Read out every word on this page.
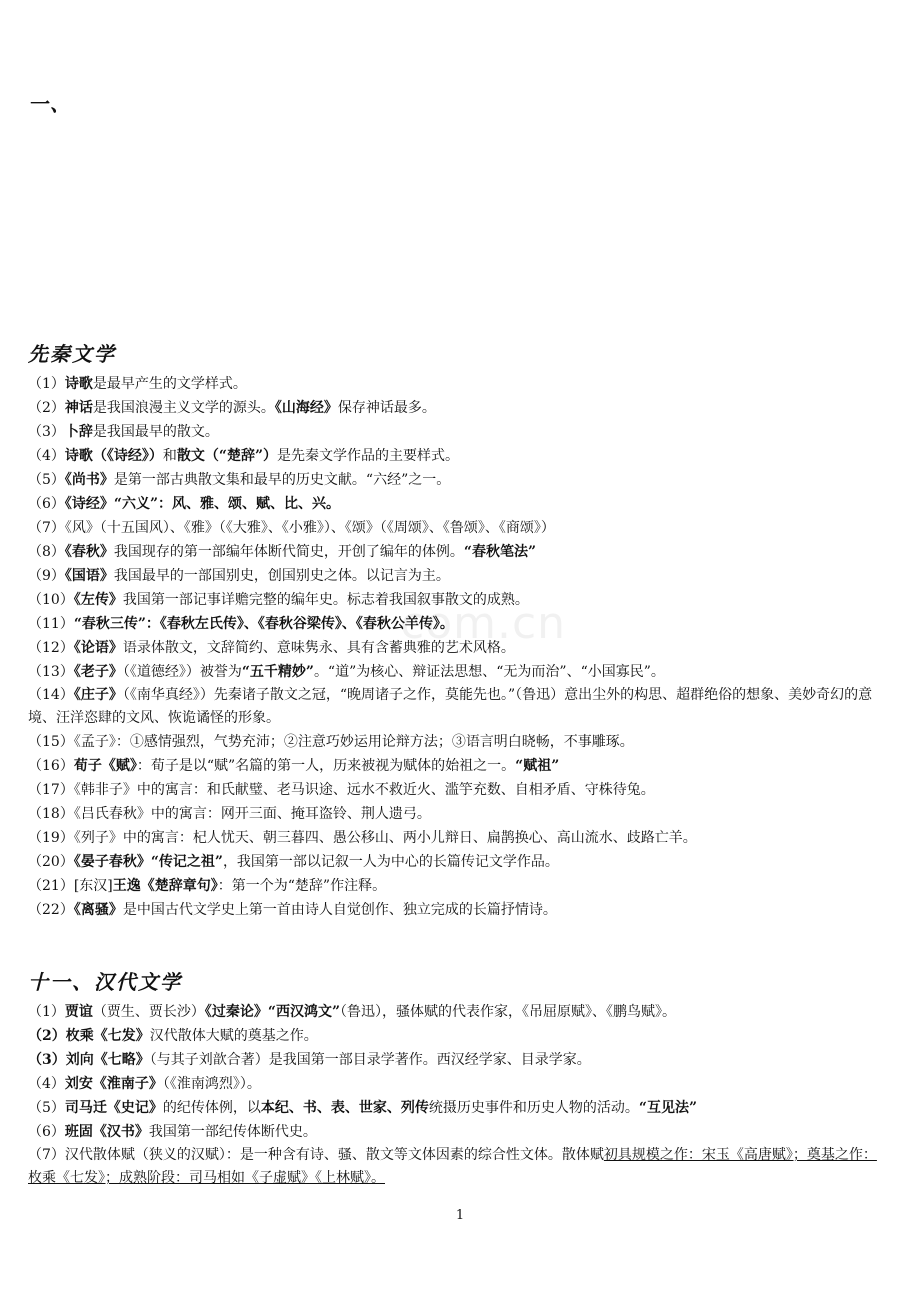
一、
先秦文学
（1）诗歌是最早产生的文学样式。
（2）神话是我国浪漫主义文学的源头。《山海经》保存神话最多。
（3）卜辞是我国最早的散文。
（4）诗歌（《诗经》）和散文（“楚辞”）是先秦文学作品的主要样式。
（5）《尚书》是第一部古典散文集和最早的历史文献。“六经”之一。
（6）《诗经》“六义”：风、雅、颂、赋、比、兴。
（7）《风》（十五国风）、《雅》（《大雅》、《小雅》）、《颂》（《周颂》、《鲁颂》、《商颂》）
（8）《春秋》我国现存的第一部编年体断代简史，开创了编年的体例。“春秋笔法”
（9）《国语》我国最早的一部国别史，创国别史之体。以记言为主。
（10）《左传》我国第一部记事详赡完整的编年史。标志着我国叙事散文的成熟。
（11）“春秋三传”：《春秋左氏传》、《春秋谷梁传》、《春秋公羊传》。
（12）《论语》语录体散文，文辞简约、意味隽永、具有含蓄典雅的艺术风格。
（13）《老子》（《道德经》）被誉为“五千精妙”。“道”为核心、辩证法思想、“无为而治”、“小国寡民”。
（14）《庄子》（《南华真经》）先秦诸子散文之冠，“晚周诸子之作，莫能先也。”（鲁迅）意出尘外的构思、超群绝俗的想象、美妙奇幻的意境、汪洋恣肆的文风、恢诡谲怪的形象。
（15）《孟子》：①感情强烈，气势充沛；②注意巧妙运用论辩方法；③语言明白晓畅，不事雕琢。
（16）荀子《赋》：荀子是以“赋”名篇的第一人，历来被视为赋体的始祖之一。“赋祖”
（17）《韩非子》中的寓言：和氏献璧、老马识途、远水不救近火、滥竽充数、自相矛盾、守株待兔。
（18）《吕氏春秋》中的寓言：网开三面、掩耳盗铃、荆人遗弓。
（19）《列子》中的寓言：杞人忧天、朝三暮四、愚公移山、两小儿辩日、扁鹊换心、高山流水、歧路亡羊。
（20）《晏子春秋》“传记之祖”，我国第一部以记叙一人为中心的长篇传记文学作品。
（21）[东汉]王逸《楚辞章句》：第一个为“楚辞”作注释。
（22）《离骚》是中国古代文学史上第一首由诗人自觉创作、独立完成的长篇抒情诗。
com.cn
十一、汉代文学
（1）贾谊（贾生、贾长沙）《过秦论》“西汉鸿文”（鲁迅），骚体赋的代表作家，《吊屈原赋》、《鹏鸟赋》。
（2）枚乘《七发》汉代散体大赋的奠基之作。
（3）刘向《七略》（与其子刘歆合著）是我国第一部目录学著作。西汉经学家、目录学家。
（4）刘安《淮南子》（《淮南鸿烈》）。
（5）司马迁《史记》的纪传体例，以本纪、书、表、世家、列传统摄历史事件和历史人物的活动。“互见法”
（6）班固《汉书》我国第一部纪传体断代史。
（7）汉代散体赋（狭义的汉赋）：是一种含有诗、骚、散文等文体因素的综合性文体。散体赋初具规模之作：宋玉《高唐赋》；奠基之作：枚乘《七发》；成熟阶段：司马相如《子虚赋》《上林赋》。
1
